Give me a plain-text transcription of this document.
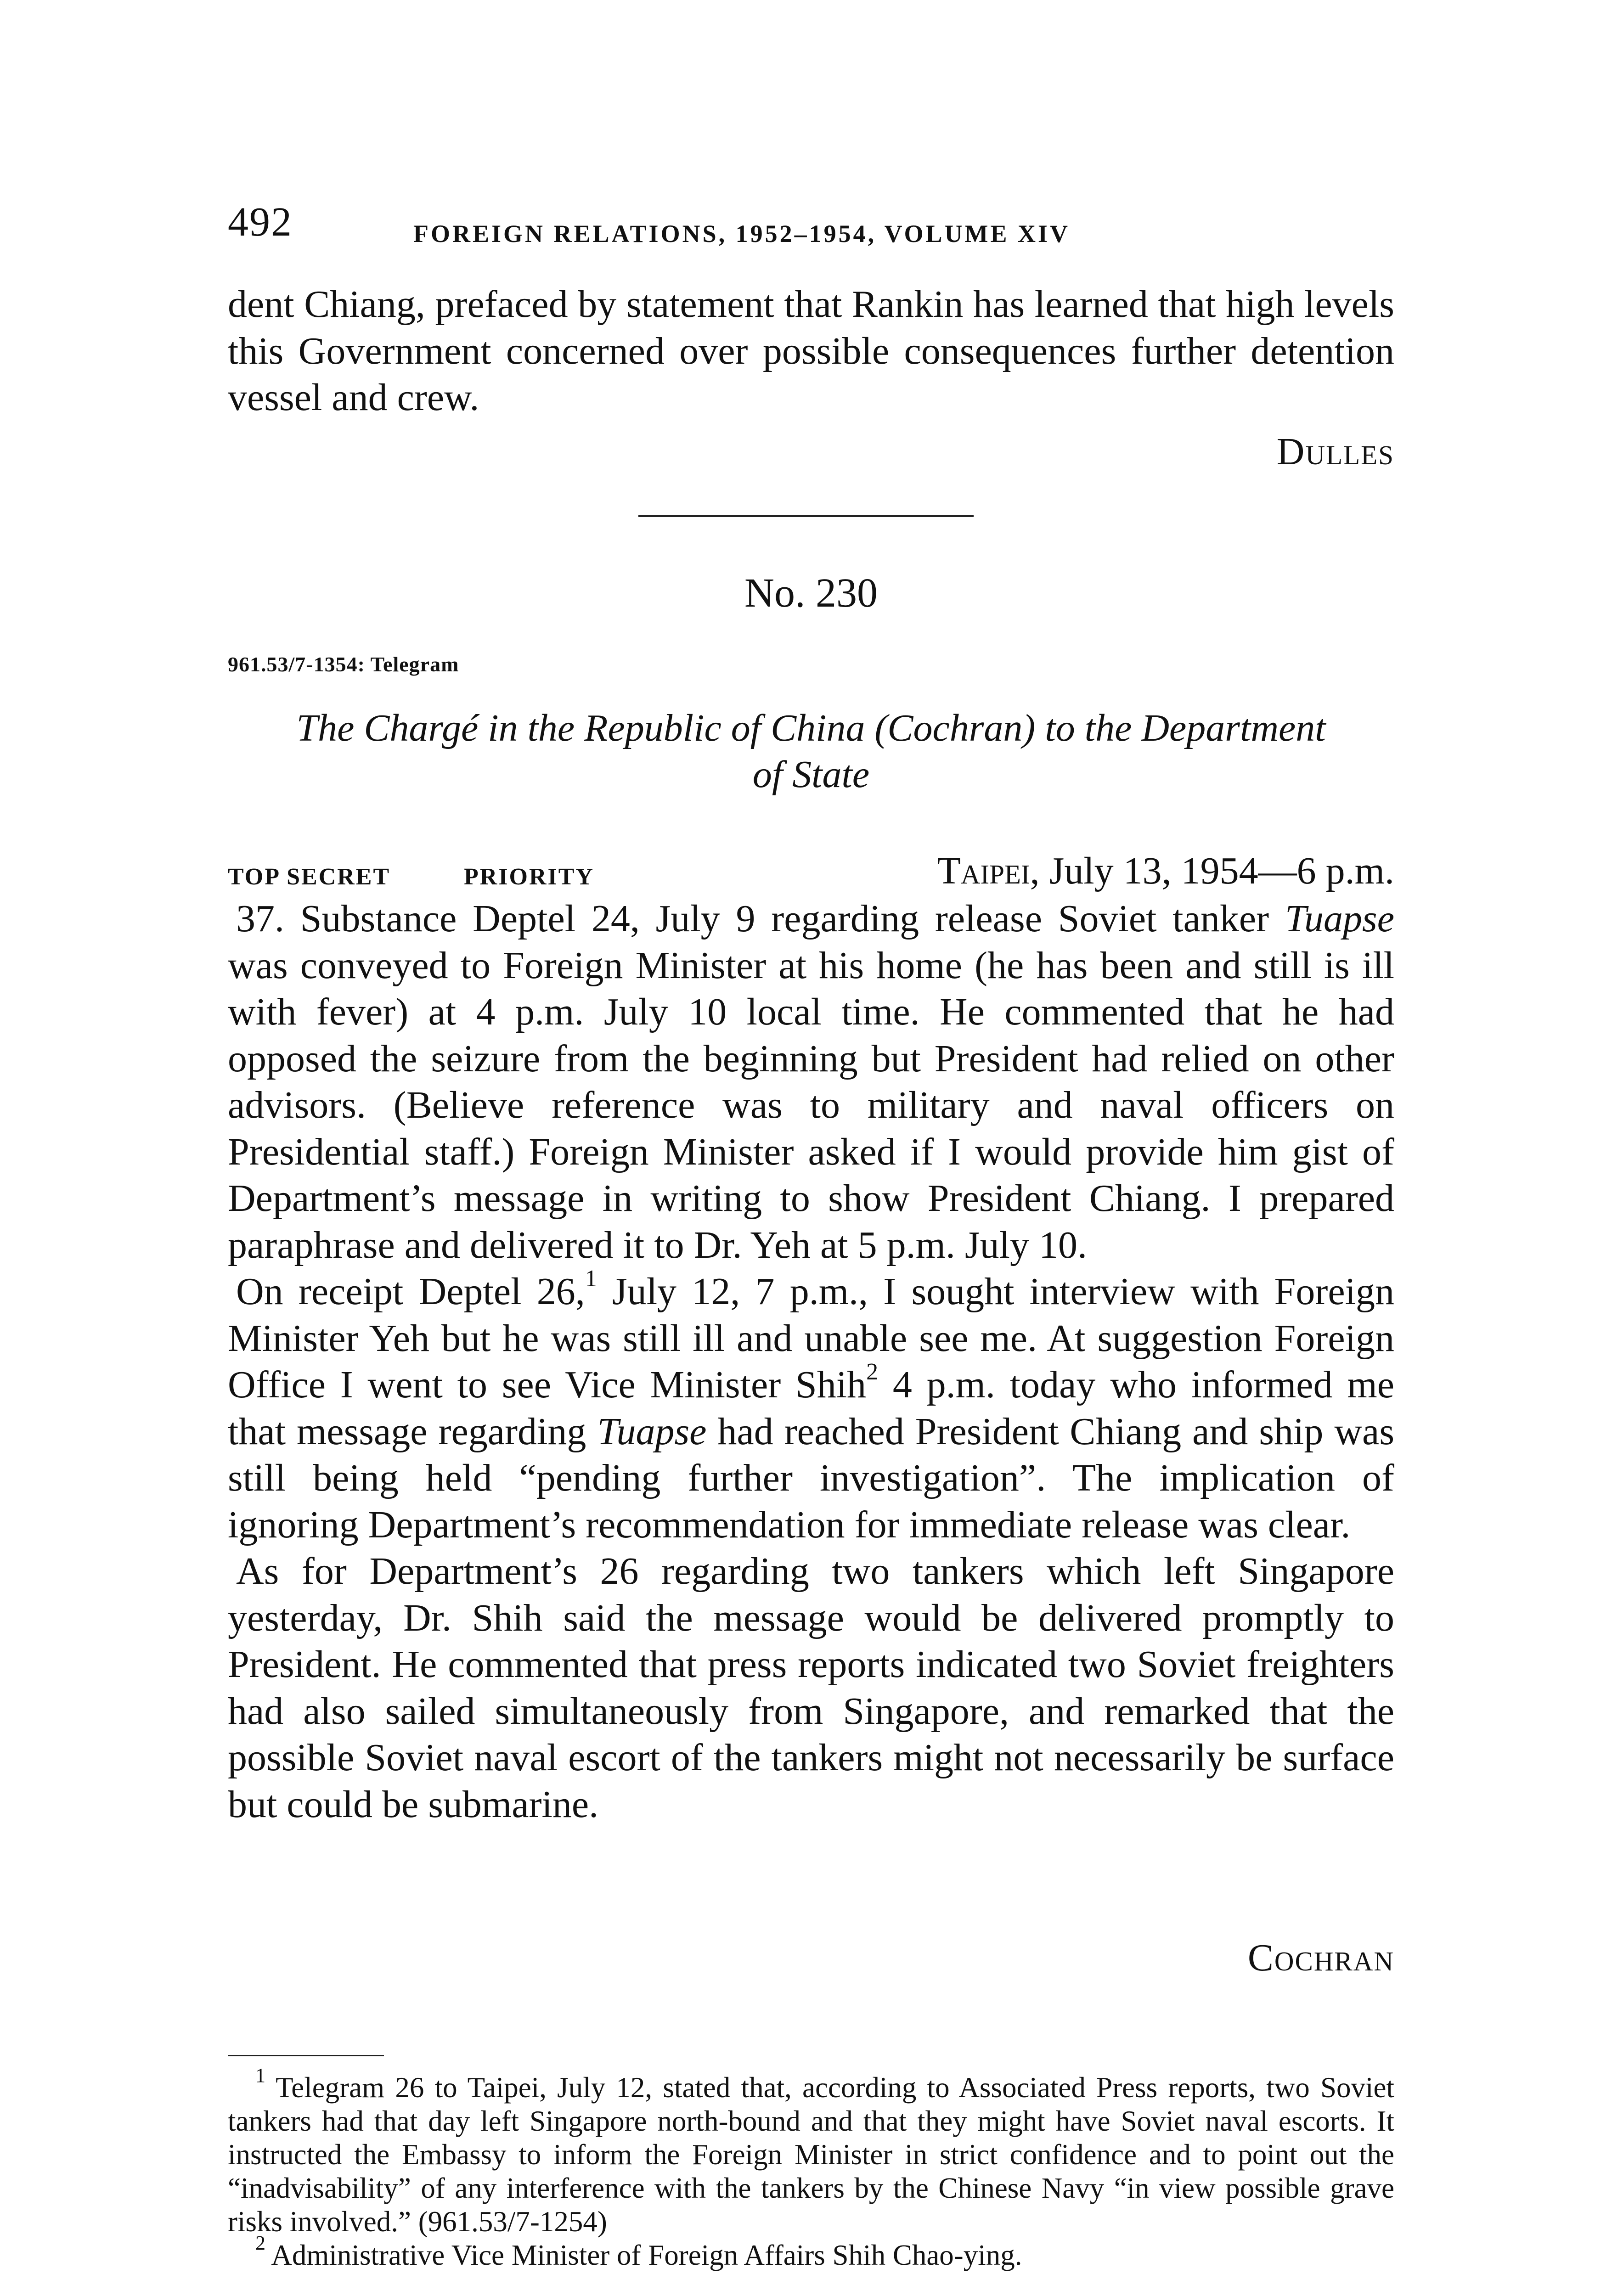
492	FOREIGN RELATIONS, 1952–1954, VOLUME XIV

dent Chiang, prefaced by statement that Rankin has learned that high levels this Government concerned over possible consequences further detention vessel and crew.

Dulles
No. 230
961.53/7-1354: Telegram
The Chargé in the Republic of China (Cochran) to the Department
of State
TOP SECRET	PRIORITY	Taipei, July 13, 1954—6 p.m.

37. Substance Deptel 24, July 9 regarding release Soviet tanker Tuapse was conveyed to Foreign Minister at his home (he has been and still is ill with fever) at 4 p.m. July 10 local time. He commented that he had opposed the seizure from the beginning but President had relied on other advisors. (Believe reference was to military and naval officers on Presidential staff.) Foreign Minister asked if I would provide him gist of Department’s message in writing to show President Chiang. I prepared paraphrase and delivered it to Dr. Yeh at 5 p.m. July 10.

On receipt Deptel 26,$^1$ July 12, 7 p.m., I sought interview with Foreign Minister Yeh but he was still ill and unable see me. At suggestion Foreign Office I went to see Vice Minister Shih$^2$ 4 p.m. today who informed me that message regarding Tuapse had reached President Chiang and ship was still being held “pending further investigation”. The implication of ignoring Department’s recommendation for immediate release was clear.

As for Department’s 26 regarding two tankers which left Singapore yesterday, Dr. Shih said the message would be delivered promptly to President. He commented that press reports indicated two Soviet freighters had also sailed simultaneously from Singapore, and remarked that the possible Soviet naval escort of the tankers might not necessarily be surface but could be submarine.

Cochran

$^1$ Telegram 26 to Taipei, July 12, stated that, according to Associated Press reports, two Soviet tankers had that day left Singapore north-bound and that they might have Soviet naval escorts. It instructed the Embassy to inform the Foreign Minister in strict confidence and to point out the “inadvisability” of any interference with the tankers by the Chinese Navy “in view possible grave risks involved.” (961.53/7-1254)

$^2$ Administrative Vice Minister of Foreign Affairs Shih Chao-ying.
